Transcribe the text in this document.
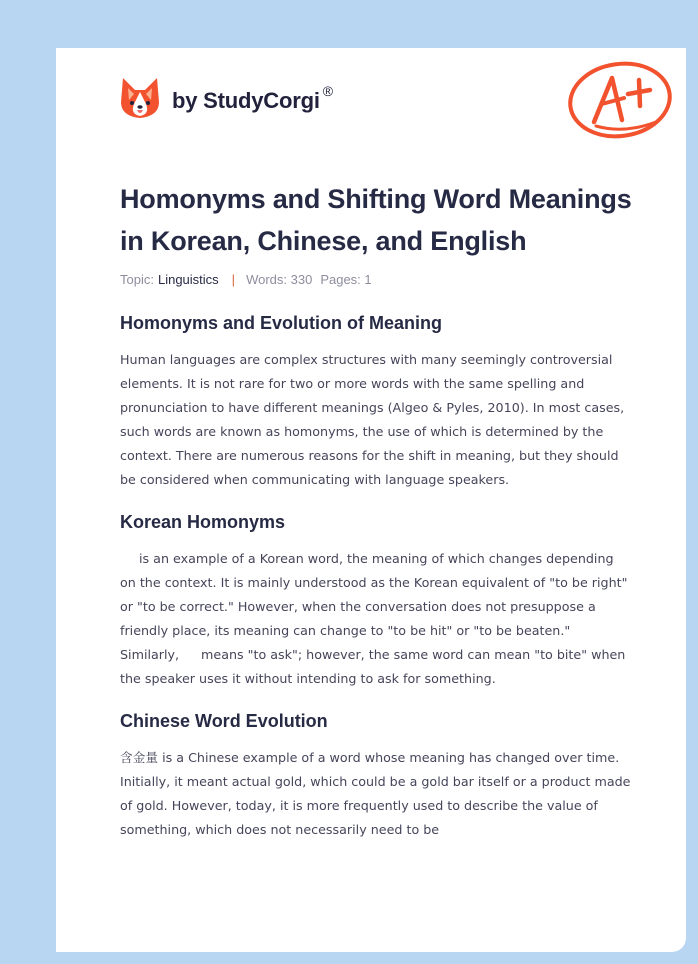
by StudyCorgi ®
Homonyms and Shifting Word Meanings in Korean, Chinese, and English
Topic: Linguistics | Words: 330 Pages: 1
Homonyms and Evolution of Meaning

Human languages are complex structures with many seemingly controversial elements. It is not rare for two or more words with the same spelling and pronunciation to have different meanings (Algeo & Pyles, 2010). In most cases, such words are known as homonyms, the use of which is determined by the context. There are numerous reasons for the shift in meaning, but they should be considered when communicating with language speakers.

Korean Homonyms

is an example of a Korean word, the meaning of which changes depending on the context. It is mainly understood as the Korean equivalent of "to be right" or "to be correct." However, when the conversation does not presuppose a friendly place, its meaning can change to "to be hit" or "to be beaten." Similarly, means "to ask"; however, the same word can mean "to bite" when the speaker uses it without intending to ask for something.

Chinese Word Evolution

含金量 is a Chinese example of a word whose meaning has changed over time. Initially, it meant actual gold, which could be a gold bar itself or a product made of gold. However, today, it is more frequently used to describe the value of something, which does not necessarily need to be
